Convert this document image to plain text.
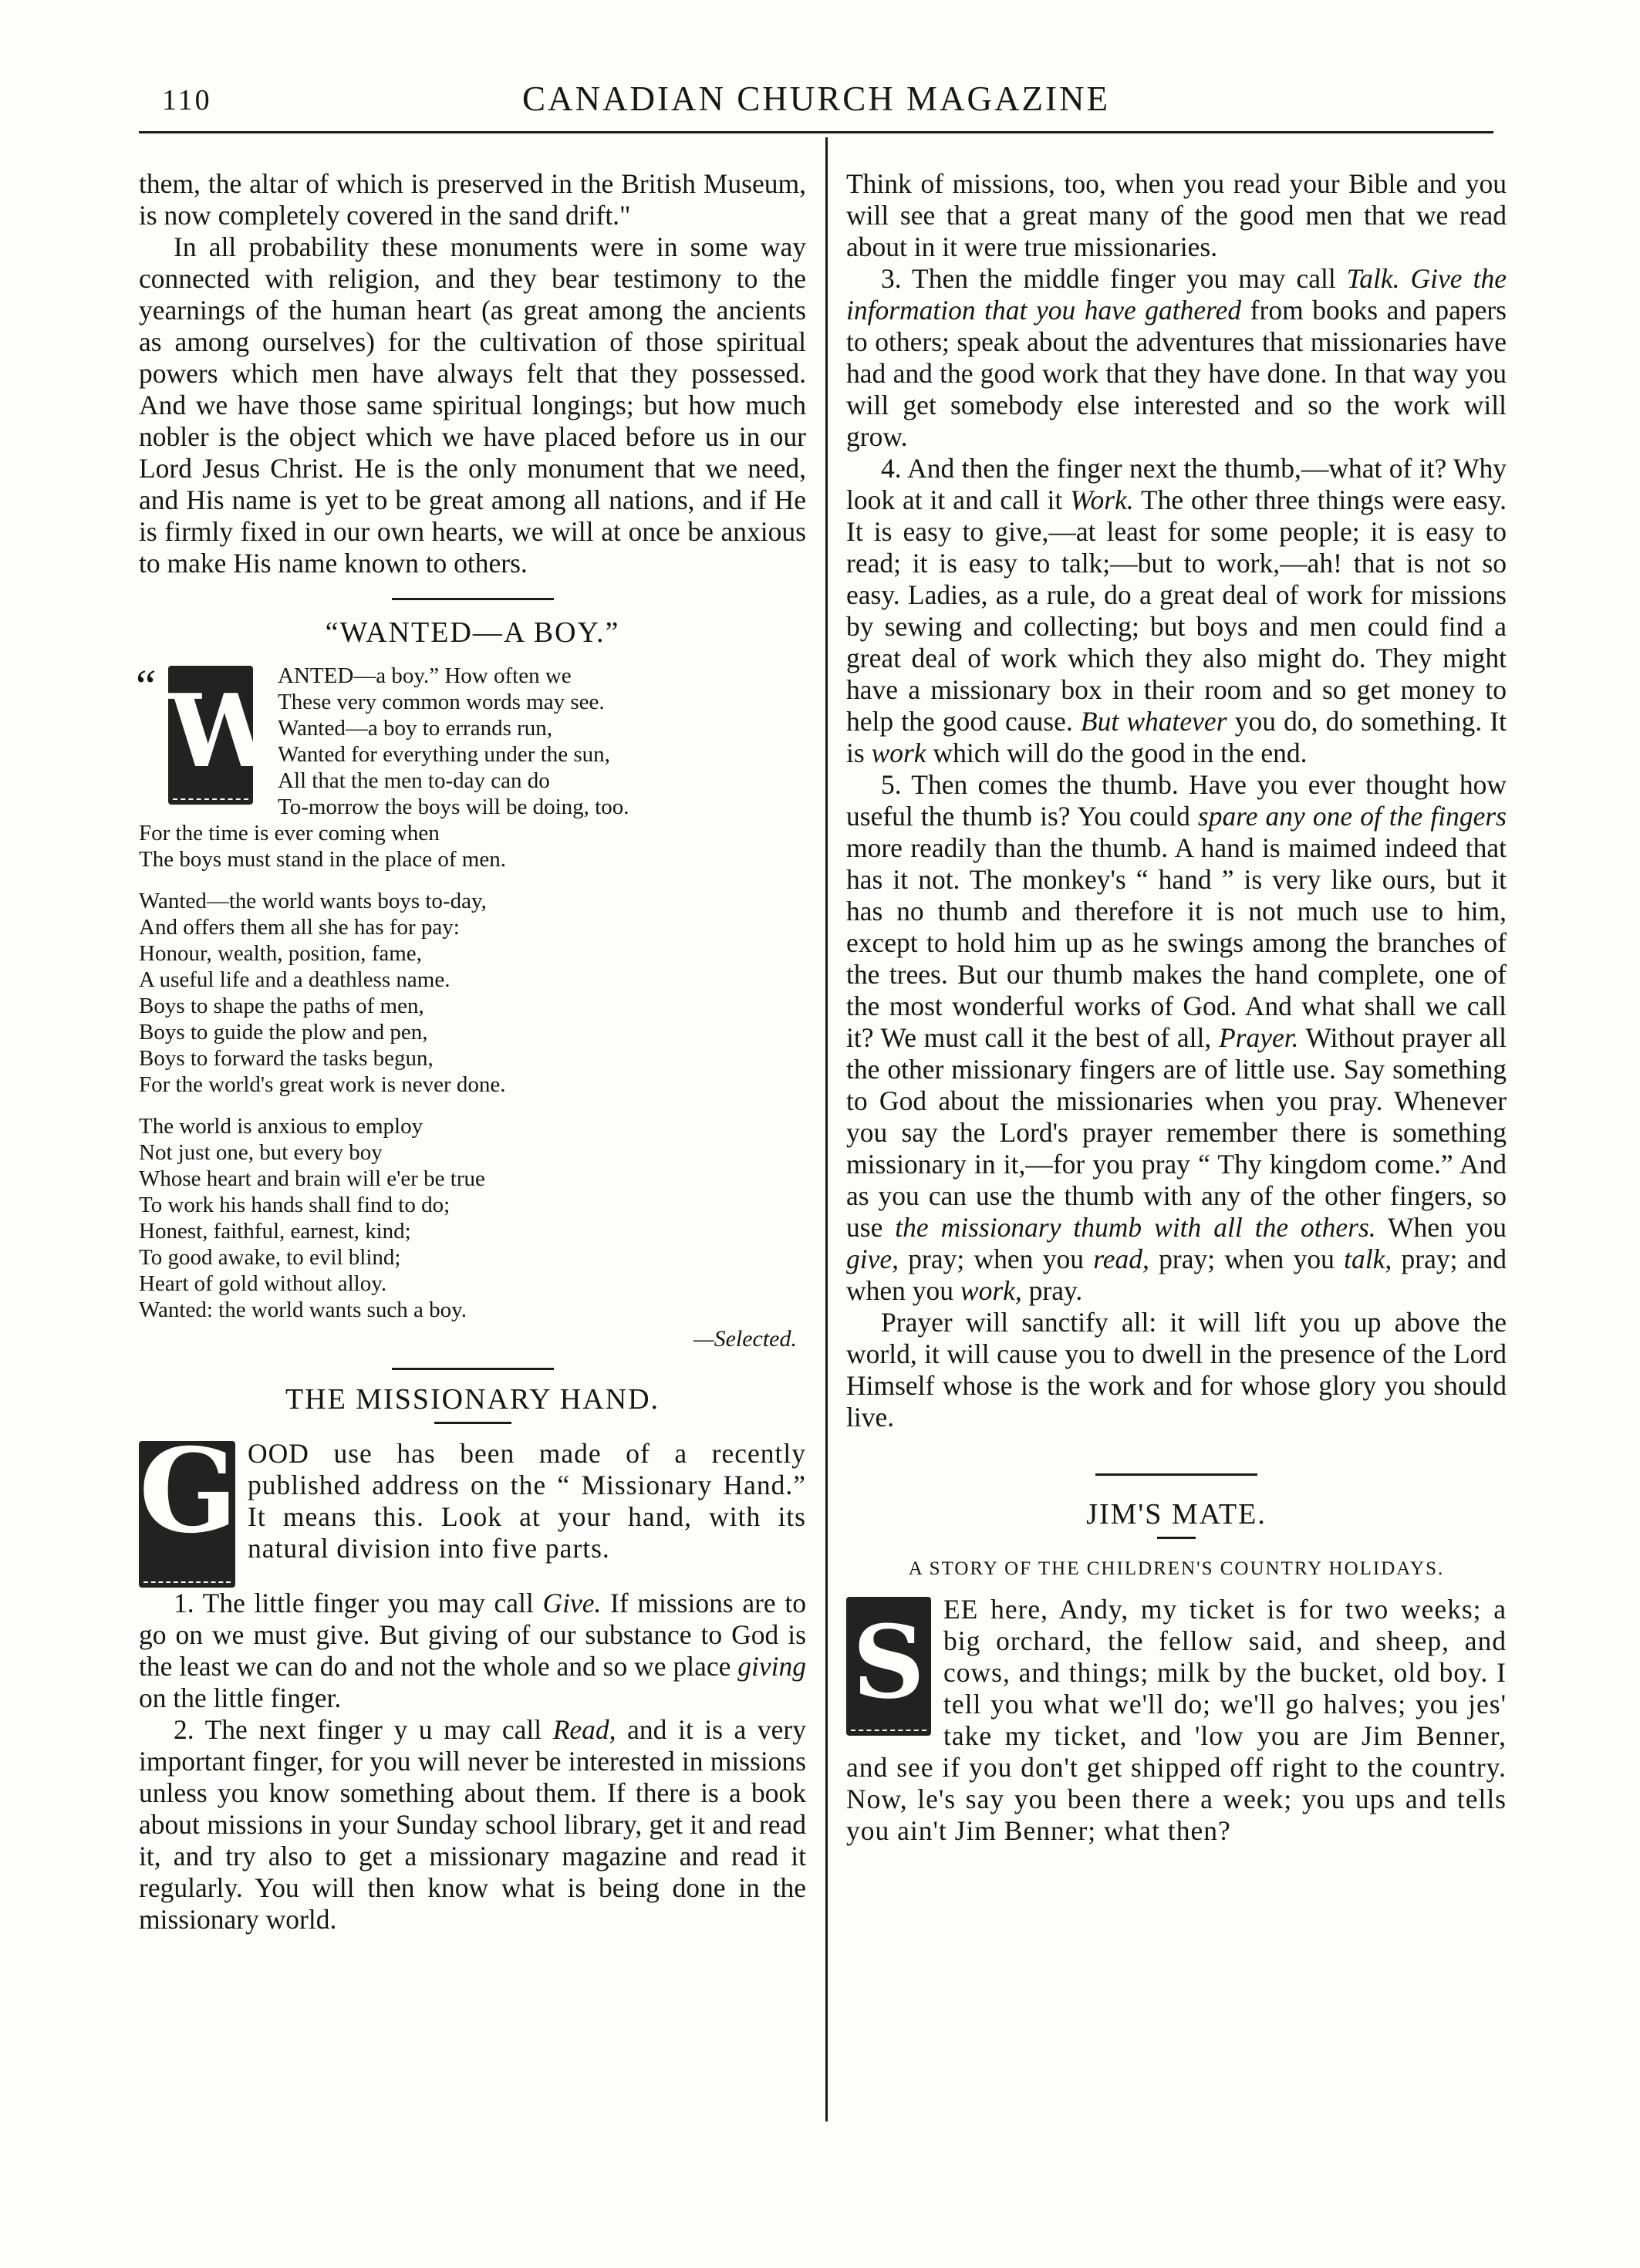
110	CANADIAN CHURCH MAGAZINE

them, the altar of which is preserved in the British Museum, is now completely covered in the sand drift."

In all probability these monuments were in some way connected with religion, and they bear testimony to the yearnings of the human heart (as great among the ancients as among ourselves) for the cultivation of those spiritual powers which men have always felt that they possessed. And we have those same spiritual longings; but how much nobler is the object which we have placed before us in our Lord Jesus Christ. He is the only monument that we need, and His name is yet to be great among all nations, and if He is firmly fixed in our own hearts, we will at once be anxious to make His name known to others.

“WANTED—A BOY.”
“ W
ANTED—a boy.” How often we
These very common words may see.
Wanted—a boy to errands run,
Wanted for everything under the sun,
All that the men to-day can do
To-morrow the boys will be doing, too.
For the time is ever coming when
The boys must stand in the place of men.
Wanted—the world wants boys to-day,
And offers them all she has for pay:
Honour, wealth, position, fame,
A useful life and a deathless name.
Boys to shape the paths of men,
Boys to guide the plow and pen,
Boys to forward the tasks begun,
For the world's great work is never done.
The world is anxious to employ
Not just one, but every boy
Whose heart and brain will e'er be true
To work his hands shall find to do;
Honest, faithful, earnest, kind;
To good awake, to evil blind;
Heart of gold without alloy.
Wanted: the world wants such a boy.
—Selected.
THE MISSIONARY HAND.
G OOD use has been made of a recently published address on the “ Missionary Hand.” It means this. Look at your hand, with its natural division into five parts.

1. The little finger you may call Give. If missions are to go on we must give. But giving of our substance to God is the least we can do and not the whole and so we place giving on the little finger.

2. The next finger y u may call Read, and it is a very important finger, for you will never be interested in missions unless you know something about them. If there is a book about missions in your Sunday school library, get it and read it, and try also to get a missionary magazine and read it regularly. You will then know what is being done in the missionary world.

Think of missions, too, when you read your Bible and you will see that a great many of the good men that we read about in it were true missionaries.

3. Then the middle finger you may call Talk. Give the information that you have gathered from books and papers to others; speak about the adventures that missionaries have had and the good work that they have done. In that way you will get somebody else interested and so the work will grow.

4. And then the finger next the thumb,—what of it? Why look at it and call it Work. The other three things were easy. It is easy to give,—at least for some people; it is easy to read; it is easy to talk;—but to work,—ah! that is not so easy. Ladies, as a rule, do a great deal of work for missions by sewing and collecting; but boys and men could find a great deal of work which they also might do. They might have a missionary box in their room and so get money to help the good cause. But whatever you do, do something. It is work which will do the good in the end.

5. Then comes the thumb. Have you ever thought how useful the thumb is? You could spare any one of the fingers more readily than the thumb. A hand is maimed indeed that has it not. The monkey's “ hand ” is very like ours, but it has no thumb and therefore it is not much use to him, except to hold him up as he swings among the branches of the trees. But our thumb makes the hand complete, one of the most wonderful works of God. And what shall we call it? We must call it the best of all, Prayer. Without prayer all the other missionary fingers are of little use. Say something to God about the missionaries when you pray. Whenever you say the Lord's prayer remember there is something missionary in it,—for you pray “ Thy kingdom come.” And as you can use the thumb with any of the other fingers, so use the missionary thumb with all the others. When you give, pray; when you read, pray; when you talk, pray; and when you work, pray.

Prayer will sanctify all: it will lift you up above the world, it will cause you to dwell in the presence of the Lord Himself whose is the work and for whose glory you should live.

JIM'S MATE.
A STORY OF THE CHILDREN'S COUNTRY HOLIDAYS.
S EE here, Andy, my ticket is for two weeks; a big orchard, the fellow said, and sheep, and cows, and things; milk by the bucket, old boy. I tell you what we'll do; we'll go halves; you jes' take my ticket, and 'low you are Jim Benner, and see if you don't get shipped off right to the country. Now, le's say you been there a week; you ups and tells you ain't Jim Benner; what then?
